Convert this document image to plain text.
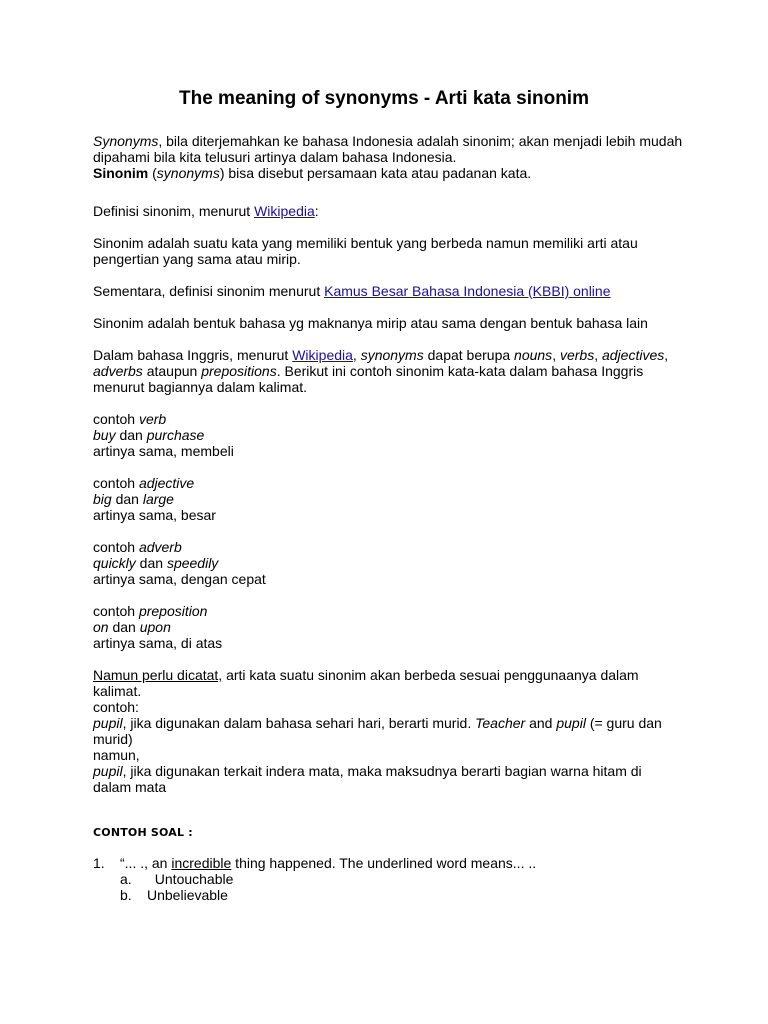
The meaning of synonyms - Arti kata sinonim

Synonyms, bila diterjemahkan ke bahasa Indonesia adalah sinonim; akan menjadi lebih mudah dipahami bila kita telusuri artinya dalam bahasa Indonesia.
Sinonim (synonyms) bisa disebut persamaan kata atau padanan kata.

Definisi sinonim, menurut Wikipedia:

Sinonim adalah suatu kata yang memiliki bentuk yang berbeda namun memiliki arti atau pengertian yang sama atau mirip.

Sementara, definisi sinonim menurut Kamus Besar Bahasa Indonesia (KBBI) online

Sinonim adalah bentuk bahasa yg maknanya mirip atau sama dengan bentuk bahasa lain

Dalam bahasa Inggris, menurut Wikipedia, synonyms dapat berupa nouns, verbs, adjectives, adverbs ataupun prepositions. Berikut ini contoh sinonim kata-kata dalam bahasa Inggris menurut bagiannya dalam kalimat.

contoh verb
buy dan purchase
artinya sama, membeli

contoh adjective
big dan large
artinya sama, besar

contoh adverb
quickly dan speedily
artinya sama, dengan cepat

contoh preposition
on dan upon
artinya sama, di atas

Namun perlu dicatat, arti kata suatu sinonim akan berbeda sesuai penggunaanya dalam kalimat.
contoh:
pupil, jika digunakan dalam bahasa sehari hari, berarti murid. Teacher and pupil (= guru dan murid)
namun,
pupil, jika digunakan terkait indera mata, maka maksudnya berarti bagian warna hitam di dalam mata

CONTOH SOAL :

1.	“... ., an incredible thing happened. The underlined word means... ..
a.	Untouchable
b.	Unbelievable
